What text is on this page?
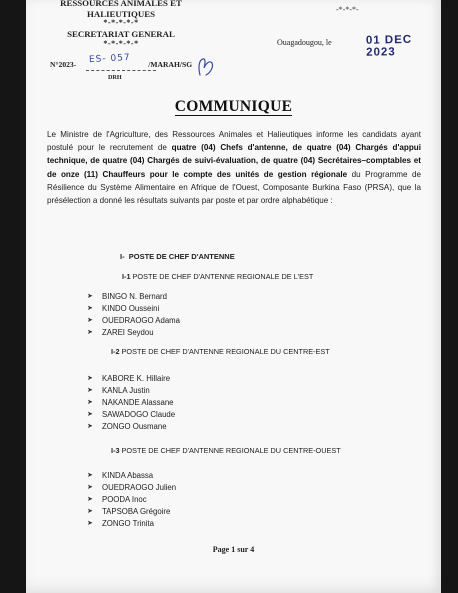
RESSOURCES ANIMALES ET
HALIEUTIQUES
*-*-*-*-*
SECRETARIAT GENERAL
*-*-*-*-*
-*-*-*-
Ouagadougou, le	01 DEC 2023
N°2023-	/MARAH/SG
ES- 057
DRH
COMMUNIQUE
Le Ministre de l'Agriculture, des Ressources Animales et Halieutiques informe les candidats ayant postulé pour le recrutement de quatre (04) Chefs d'antenne, de quatre (04) Chargés d'appui technique, de quatre (04) Chargés de suivi-évaluation, de quatre (04) Secrétaires–comptables et de onze (11) Chauffeurs pour le compte des unités de gestion régionale du Programme de Résilience du Système Alimentaire en Afrique de l'Ouest, Composante Burkina Faso (PRSA), que la présélection a donné les résultats suivants par poste et par ordre alphabétique :
I- POSTE DE CHEF D'ANTENNE
I-1 POSTE DE CHEF D'ANTENNE REGIONALE DE L'EST
➤ BINGO N. Bernard
➤ KINDO Ousseini
➤ OUEDRAOGO Adama
➤ ZAREI Seydou
I-2 POSTE DE CHEF D'ANTENNE REGIONALE DU CENTRE-EST
➤ KABORE K. Hillaire
➤ KANLA Justin
➤ NAKANDE Alassane
➤ SAWADOGO Claude
➤ ZONGO Ousmane
I-3 POSTE DE CHEF D'ANTENNE REGIONALE DU CENTRE-OUEST
➤ KINDA Abassa
➤ OUEDRAOGO Julien
➤ POODA Inoc
➤ TAPSOBA Grégoire
➤ ZONGO Trinita
Page 1 sur 4
